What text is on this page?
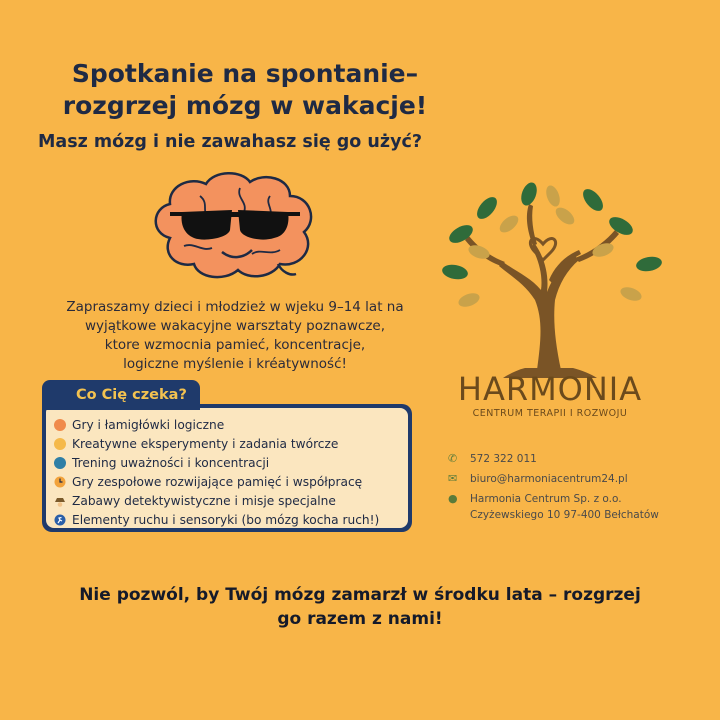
Spotkanie na spontanie–
rozgrzej mózg w wakacje!
Masz mózg i nie zawahasz się go użyć?
Zapraszamy dzieci i młodzież w wjeku 9–14 lat na
wyjątkowe wakacyjne warsztaty poznawcze,
ktore wzmocnia pamieć, koncentracje,
logiczne myślenie i kréatywność!
Gry i łamigłówki logiczne
Kreatywne eksperymenty i zadania twórcze
Trening uważności i koncentracji
Gry zespołowe rozwijające pamięć i współpracę
Zabawy detektywistyczne i misje specjalne
Elementy ruchu i sensoryki (bo mózg kocha ruch!)
Co Cię czeka?	HARMONIA
CENTRUM TERAPII I ROZWOJU
✆	572 322 011
✉	biuro@harmoniacentrum24.pl
●	Harmonia Centrum Sp. z o.o.
Czyżewskiego 10 97-400 Bełchatów
Nie pozwól, by Twój mózg zamarzł w środku lata – rozgrzej
go razem z nami!
